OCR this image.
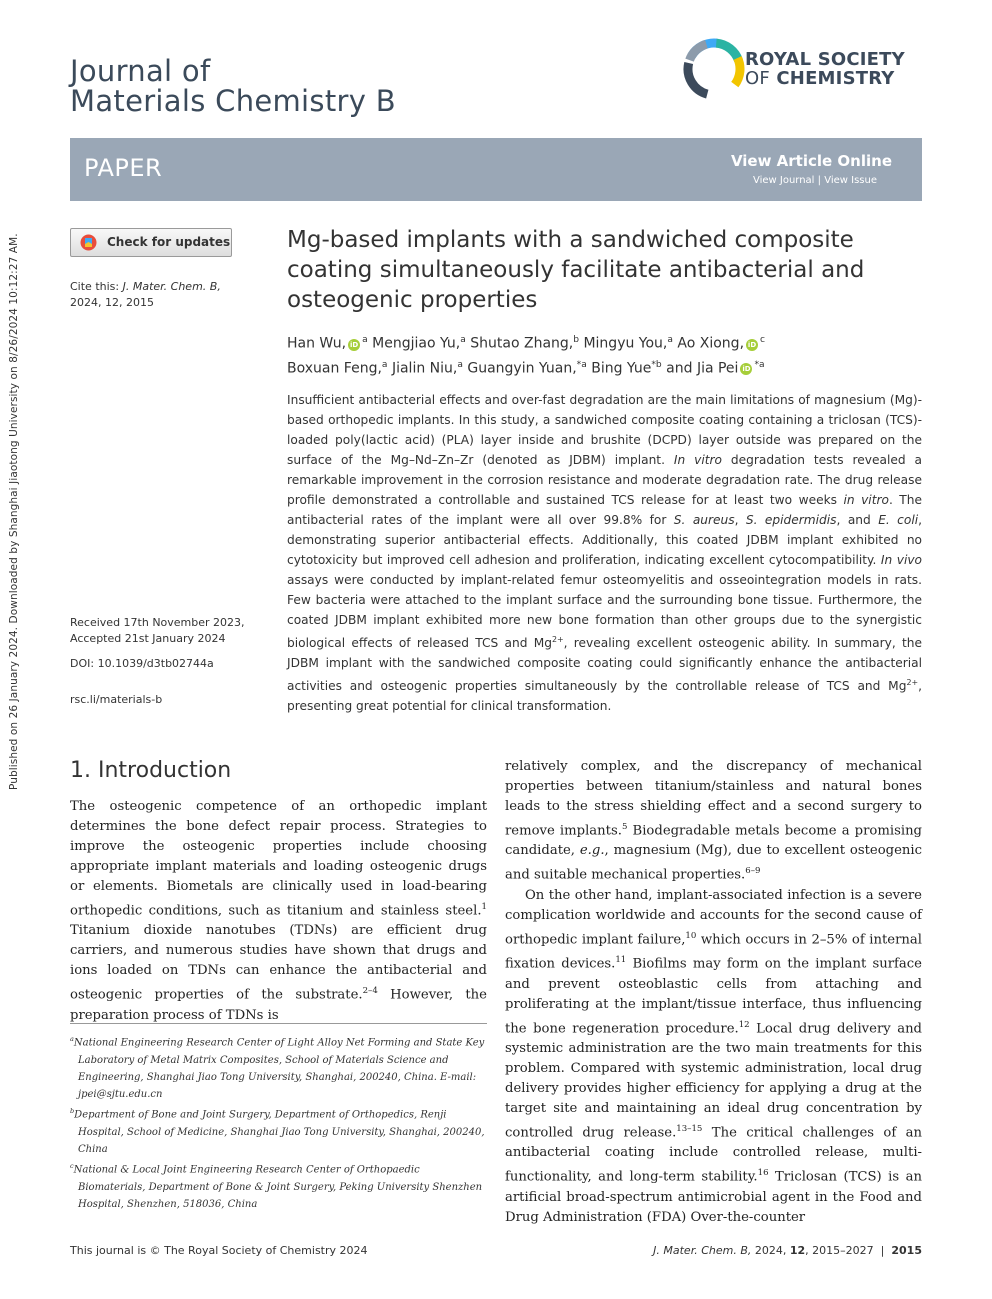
Published on 26 January 2024. Downloaded by Shanghai Jiaotong University on 8/26/2024 10:12:27 AM.
Journal of
Materials Chemistry B
ROYAL SOCIETY
OF CHEMISTRY
PAPER	View Article Online
View Journal | View Issue
Check for updates
Cite this: J. Mater. Chem. B,
2024, 12, 2015
Received 17th November 2023,
Accepted 21st January 2024
DOI: 10.1039/d3tb02744a
rsc.li/materials-b
Mg-based implants with a sandwiched composite coating simultaneously facilitate antibacterial and osteogenic properties
Han Wu, iD $^a$ Mengjiao Yu,$^a$ Shutao Zhang,$^b$ Mingyu You,$^a$ Ao Xiong, iD $^c$
Boxuan Feng,$^a$ Jialin Niu,$^a$ Guangyin Yuan,$^{*a}$ Bing Yue$^{*b}$ and Jia Pei iD $^{*a}$
Insufficient antibacterial effects and over-fast degradation are the main limitations of magnesium (Mg)-based orthopedic implants. In this study, a sandwiched composite coating containing a triclosan (TCS)-loaded poly(lactic acid) (PLA) layer inside and brushite (DCPD) layer outside was prepared on the surface of the Mg–Nd–Zn–Zr (denoted as JDBM) implant. In vitro degradation tests revealed a remarkable improvement in the corrosion resistance and moderate degradation rate. The drug release profile demonstrated a controllable and sustained TCS release for at least two weeks in vitro. The antibacterial rates of the implant were all over 99.8% for S. aureus, S. epidermidis, and E. coli, demonstrating superior antibacterial effects. Additionally, this coated JDBM implant exhibited no cytotoxicity but improved cell adhesion and proliferation, indicating excellent cytocompatibility. In vivo assays were conducted by implant-related femur osteomyelitis and osseointegration models in rats. Few bacteria were attached to the implant surface and the surrounding bone tissue. Furthermore, the coated JDBM implant exhibited more new bone formation than other groups due to the synergistic biological effects of released TCS and $Mg^{2+}$, revealing excellent osteogenic ability. In summary, the JDBM implant with the sandwiched composite coating could significantly enhance the antibacterial activities and osteogenic properties simultaneously by the controllable release of TCS and $Mg^{2+}$, presenting great potential for clinical transformation.
1. Introduction

The osteogenic competence of an orthopedic implant determines the bone defect repair process. Strategies to improve the osteogenic properties include choosing appropriate implant materials and loading osteogenic drugs or elements. Biometals are clinically used in load-bearing orthopedic conditions, such as titanium and stainless steel.$^1$ Titanium dioxide nanotubes (TDNs) are efficient drug carriers, and numerous studies have shown that drugs and ions loaded on TDNs can enhance the antibacterial and osteogenic properties of the substrate.$^{2-4}$ However, the preparation process of TDNs is

$^a$National Engineering Research Center of Light Alloy Net Forming and State Key Laboratory of Metal Matrix Composites, School of Materials Science and Engineering, Shanghai Jiao Tong University, Shanghai, 200240, China. E-mail: jpei@sjtu.edu.cn
$^b$Department of Bone and Joint Surgery, Department of Orthopedics, Renji Hospital, School of Medicine, Shanghai Jiao Tong University, Shanghai, 200240, China
$^c$National & Local Joint Engineering Research Center of Orthopaedic Biomaterials, Department of Bone & Joint Surgery, Peking University Shenzhen Hospital, Shenzhen, 518036, China

relatively complex, and the discrepancy of mechanical properties between titanium/stainless and natural bones leads to the stress shielding effect and a second surgery to remove implants.$^5$ Biodegradable metals become a promising candidate, e.g., magnesium (Mg), due to excellent osteogenic and suitable mechanical properties.$^{6-9}$

On the other hand, implant-associated infection is a severe complication worldwide and accounts for the second cause of orthopedic implant failure,$^{10}$ which occurs in 2–5% of internal fixation devices.$^{11}$ Biofilms may form on the implant surface and prevent osteoblastic cells from attaching and proliferating at the implant/tissue interface, thus influencing the bone regeneration procedure.$^{12}$ Local drug delivery and systemic administration are the two main treatments for this problem. Compared with systemic administration, local drug delivery provides higher efficiency for applying a drug at the target site and maintaining an ideal drug concentration by controlled drug release.$^{13-15}$ The critical challenges of an antibacterial coating include controlled release, multi-functionality, and long-term stability.$^{16}$ Triclosan (TCS) is an artificial broad-spectrum antimicrobial agent in the Food and Drug Administration (FDA) Over-the-counter

This journal is © The Royal Society of Chemistry 2024	J. Mater. Chem. B, 2024, 12, 2015–2027 | 2015
